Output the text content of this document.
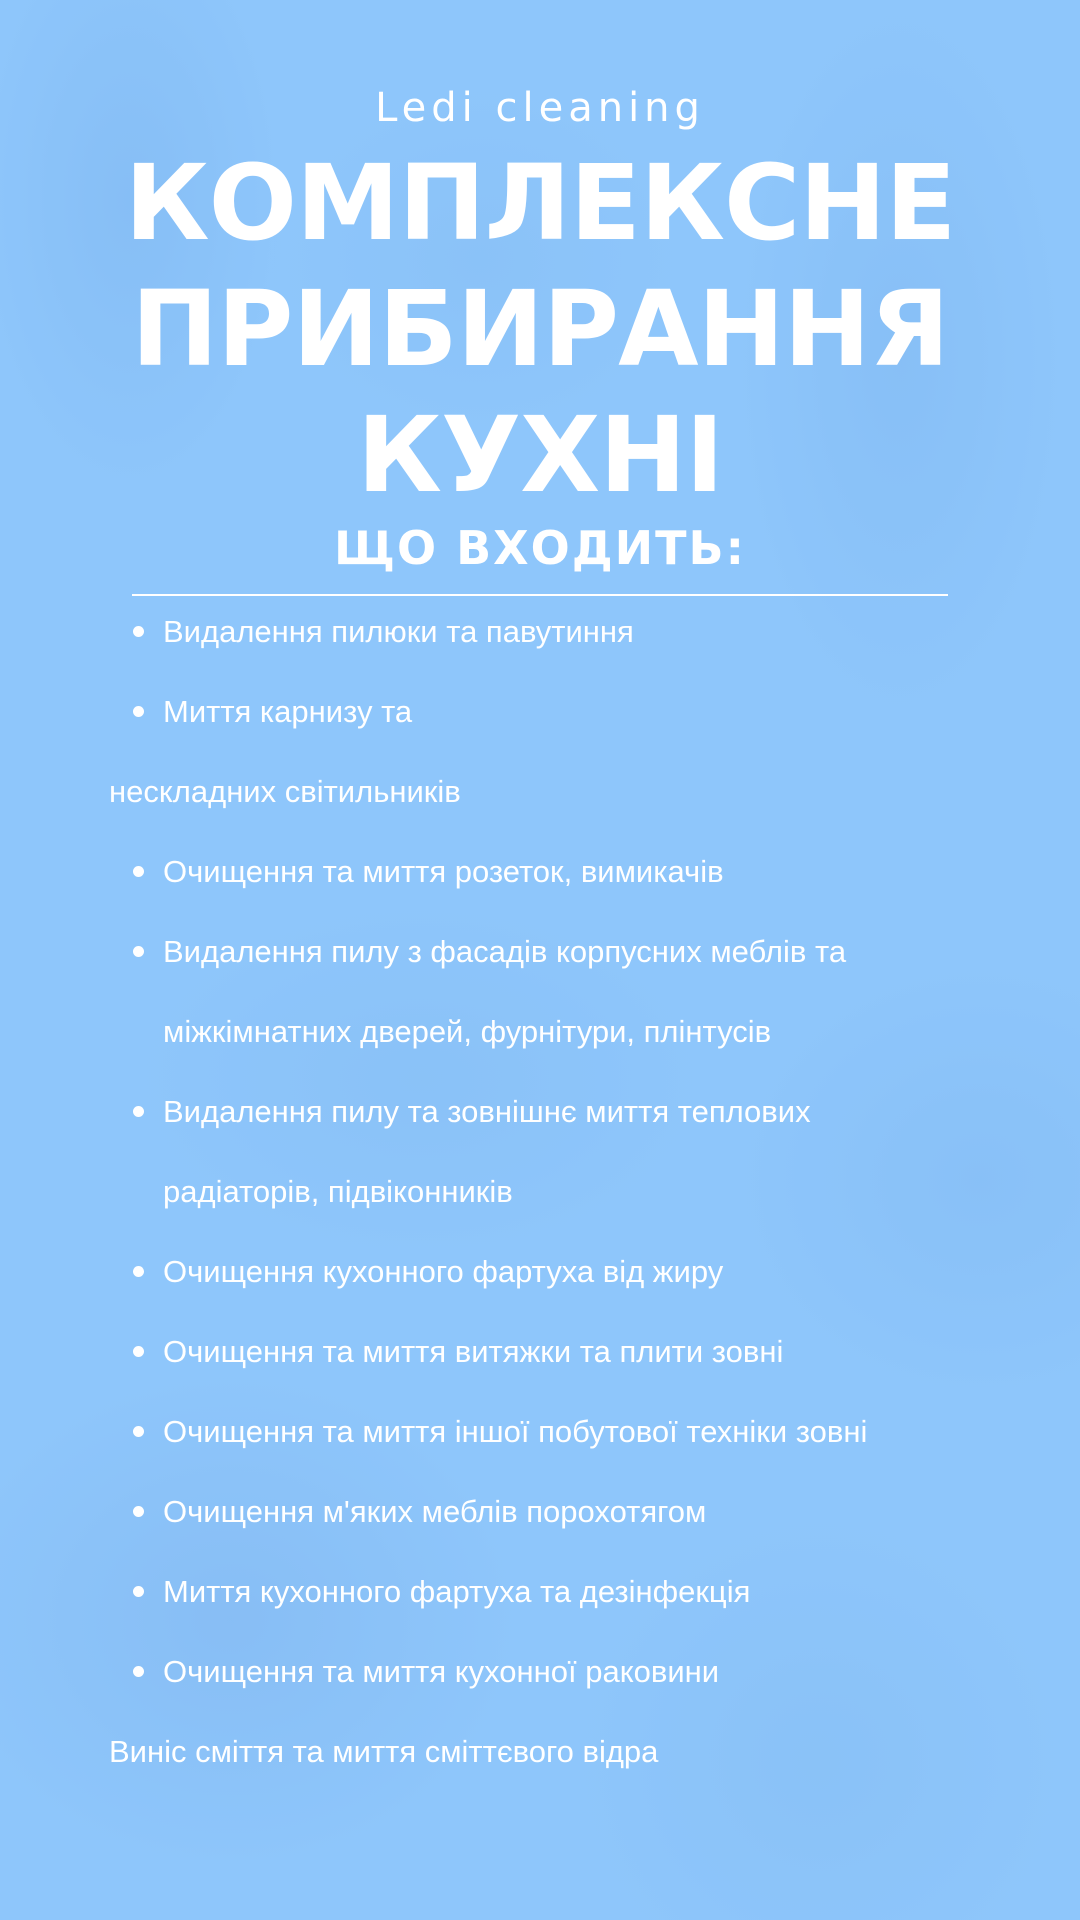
Ledi cleaning
КОМПЛЕКСНЕ
ПРИБИРАННЯ
КУХНІ
ЩО ВХОДИТЬ:
Видалення пилюки та павутиння
Миття карнизу та
нескладних світильників
Очищення та миття розеток, вимикачів
Видалення пилу з фасадів корпусних меблів та
міжкімнатних дверей, фурнітури, плінтусів
Видалення пилу та зовнішнє миття теплових
радіаторів, підвіконників
Очищення кухонного фартуха від жиру
Очищення та миття витяжки та плити зовні
Очищення та миття іншої побутової техніки зовні
Очищення м'яких меблів порохотягом
Миття кухонного фартуха та дезінфекція
Очищення та миття кухонної раковини
Виніс сміття та миття сміттєвого відра
